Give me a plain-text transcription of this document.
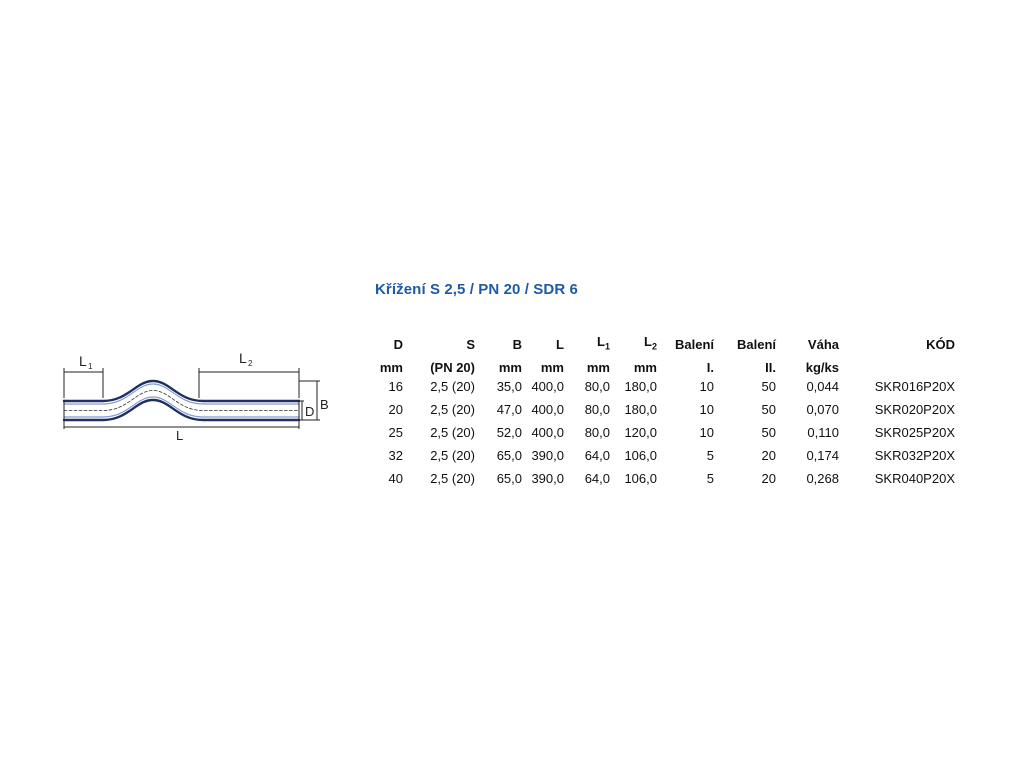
Křížení S 2,5 / PN 20 / SDR 6
L 1
L 2
D B
L
D	S	B	L	$L_1$	$L_2$	Balení	Balení	Váha	KÓD
mm	(PN 20)	mm	mm	mm	mm	I.	II.	kg/ks	
16	2,5 (20)	35,0	400,0	80,0	180,0	10	50	0,044	SKR016P20X
20	2,5 (20)	47,0	400,0	80,0	180,0	10	50	0,070	SKR020P20X
25	2,5 (20)	52,0	400,0	80,0	120,0	10	50	0,110	SKR025P20X
32	2,5 (20)	65,0	390,0	64,0	106,0	5	20	0,174	SKR032P20X
40	2,5 (20)	65,0	390,0	64,0	106,0	5	20	0,268	SKR040P20X
